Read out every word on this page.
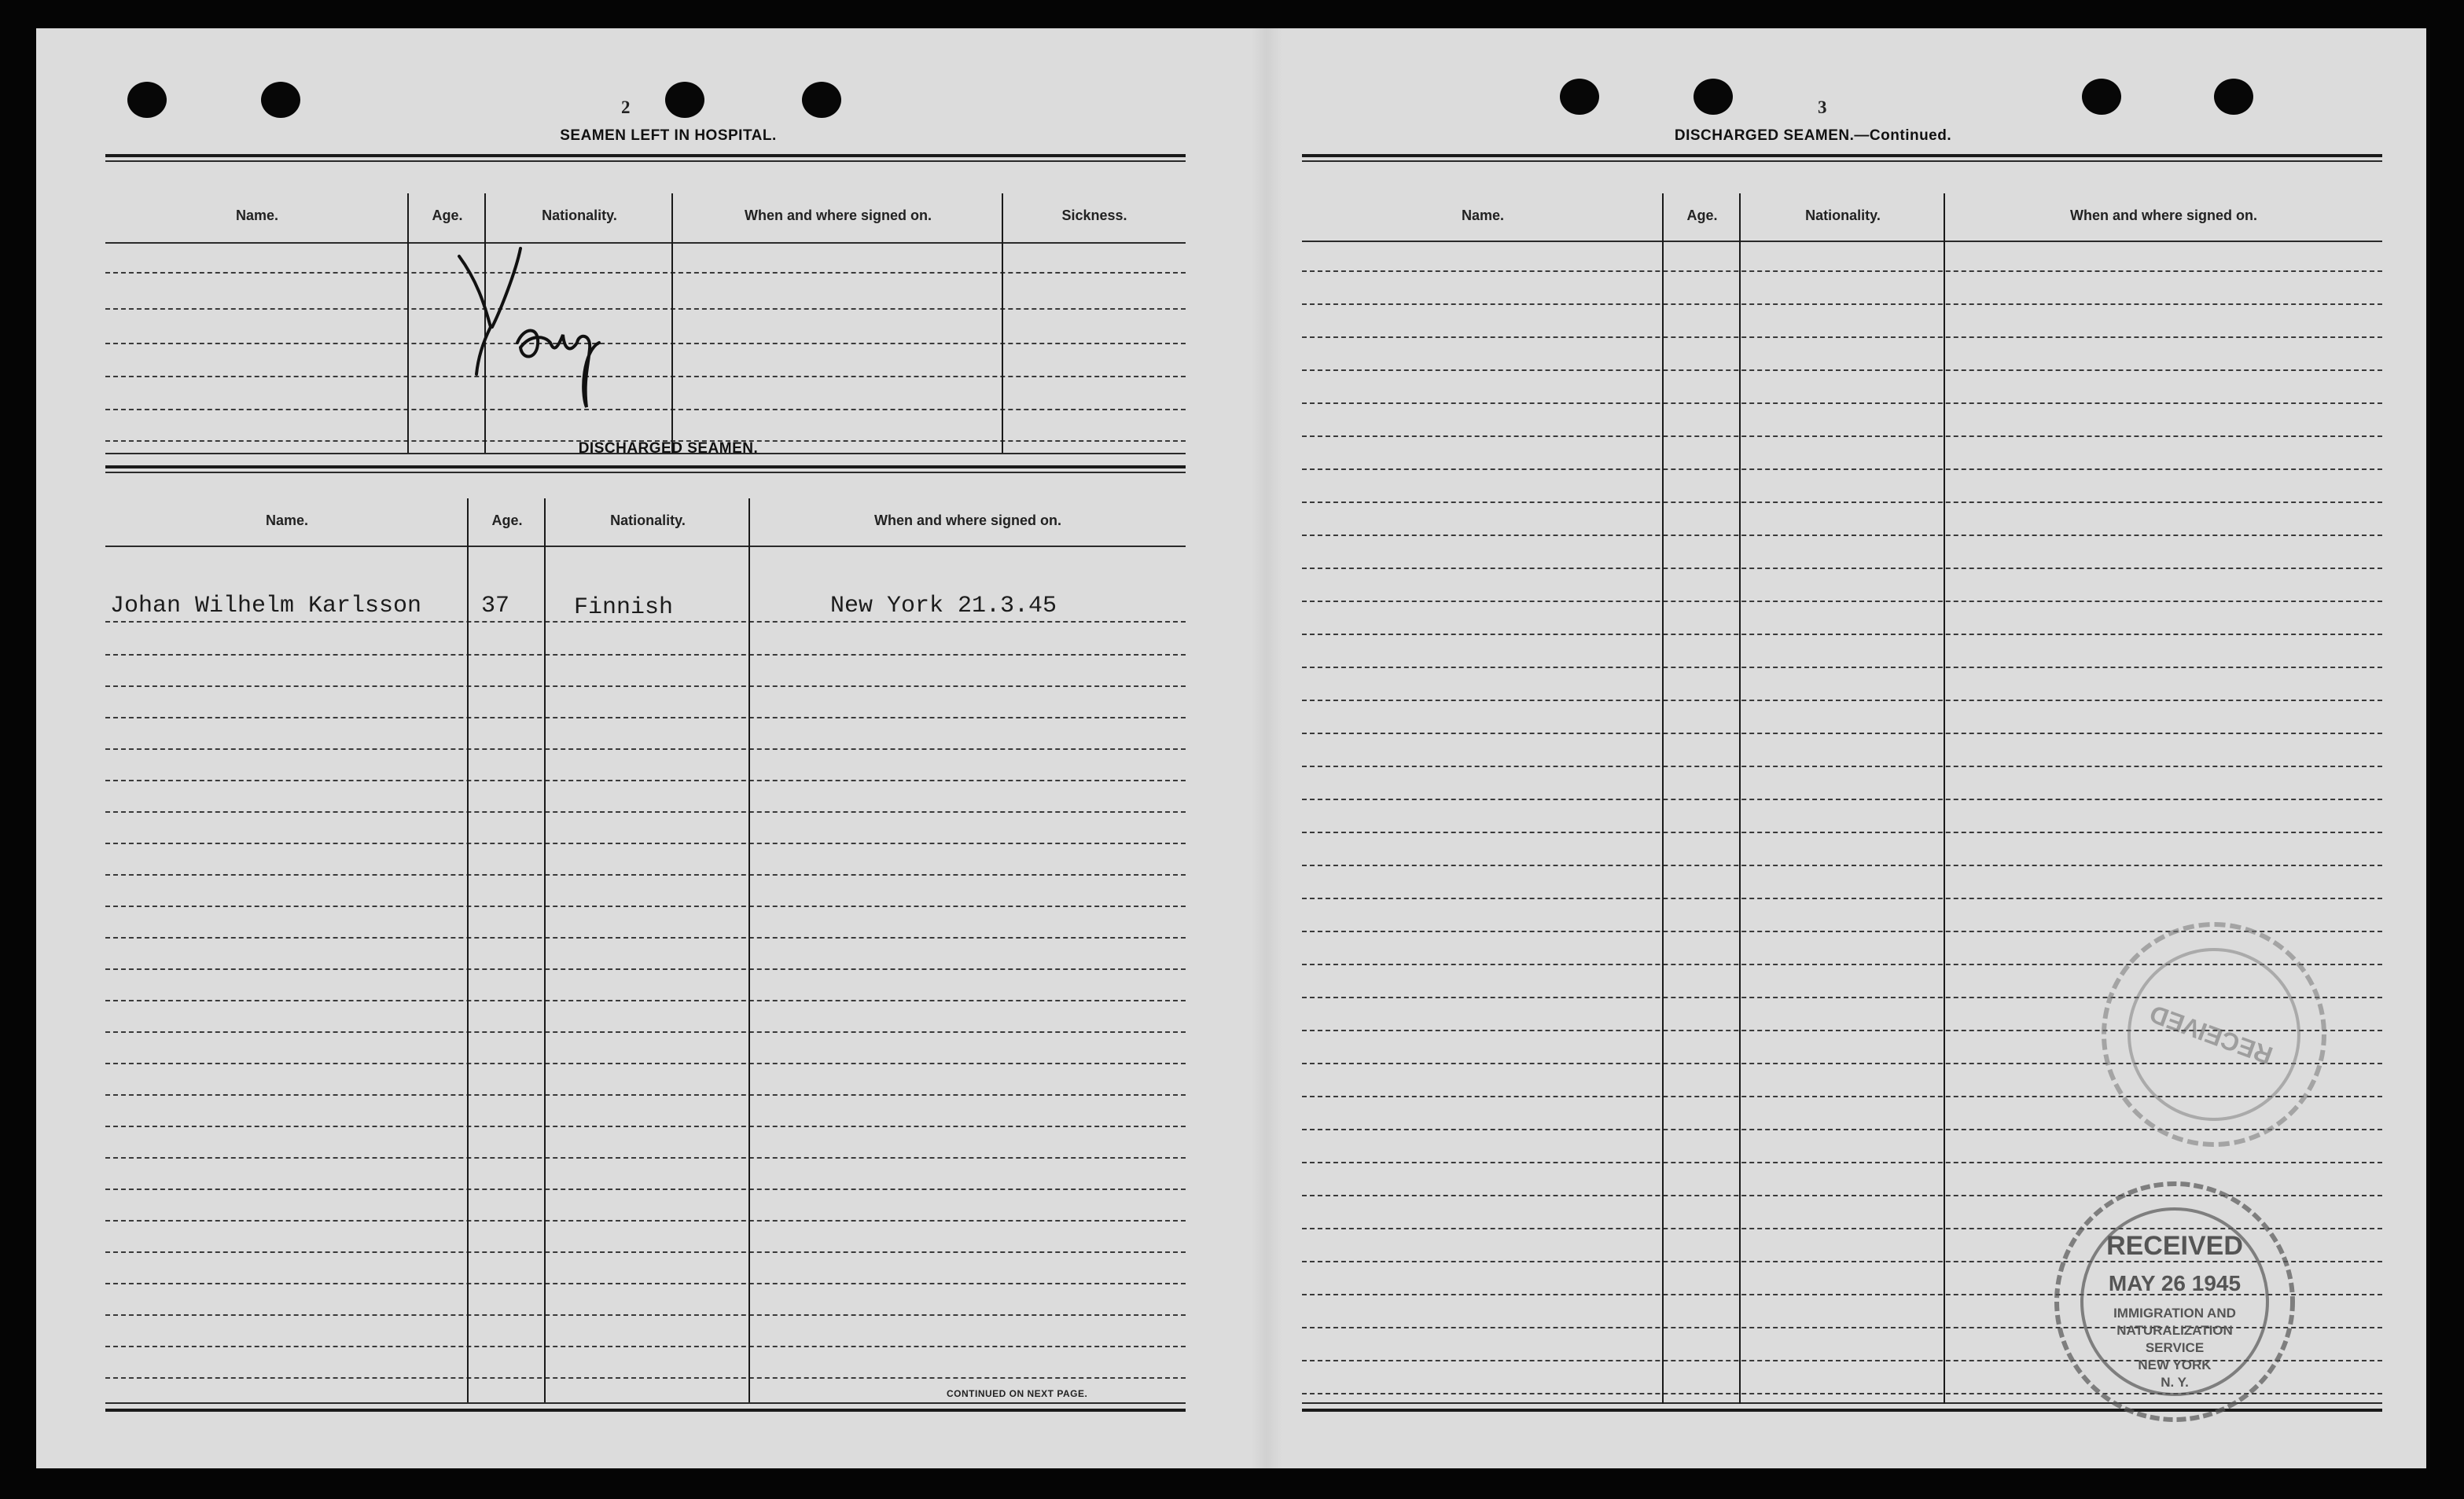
2
SEAMEN LEFT IN HOSPITAL.
Name.	Age.	Nationality.	When and where signed on.	Sickness.
DISCHARGED SEAMEN.
Name.	Age.	Nationality.	When and where signed on.
Johan Wilhelm Karlsson	37	Finnish	New York 21.3.45
CONTINUED ON NEXT PAGE.
3
DISCHARGED SEAMEN.—Continued.
Name.	Age.	Nationality.	When and where signed on.
RECEIVED
RECEIVED
MAY 26 1945
IMMIGRATION AND
NATURALIZATION
SERVICE
NEW YORK
N. Y.
